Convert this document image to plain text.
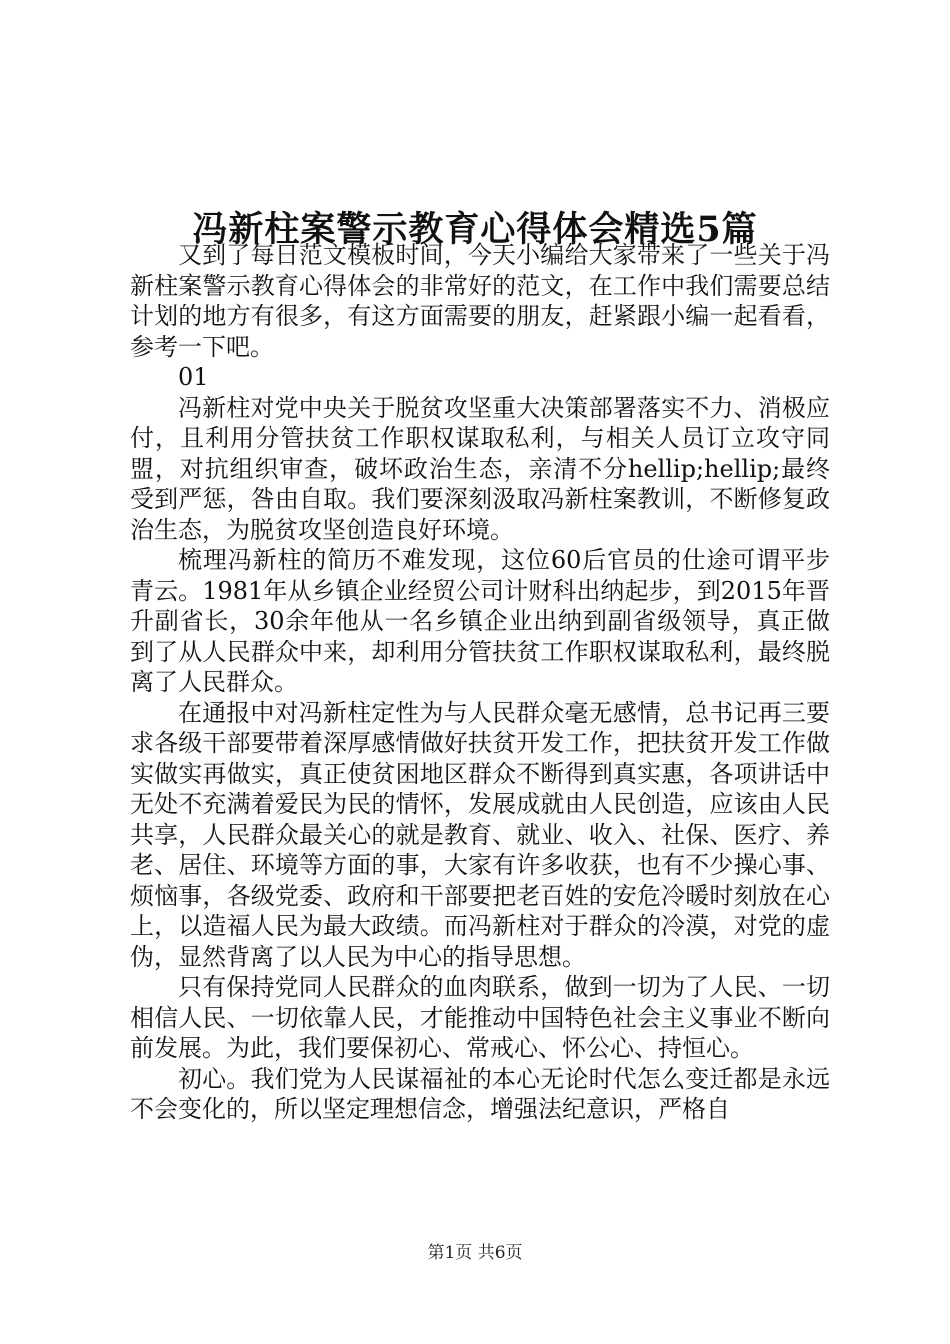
冯新柱案警示教育心得体会精选5篇

又到了每日范文模板时间，今天小编给大家带来了一些关于冯新柱案警示教育心得体会的非常好的范文，在工作中我们需要总结计划的地方有很多，有这方面需要的朋友，赶紧跟小编一起看看，参考一下吧。

01

冯新柱对党中央关于脱贫攻坚重大决策部署落实不力、消极应付，且利用分管扶贫工作职权谋取私利，与相关人员订立攻守同盟，对抗组织审查，破坏政治生态，亲清不分hellip;hellip;最终受到严惩，咎由自取。我们要深刻汲取冯新柱案教训，不断修复政治生态，为脱贫攻坚创造良好环境。

梳理冯新柱的简历不难发现，这位60后官员的仕途可谓平步青云。1981年从乡镇企业经贸公司计财科出纳起步，到2015年晋升副省长，30余年他从一名乡镇企业出纳到副省级领导，真正做到了从人民群众中来，却利用分管扶贫工作职权谋取私利，最终脱离了人民群众。

在通报中对冯新柱定性为与人民群众毫无感情，总书记再三要求各级干部要带着深厚感情做好扶贫开发工作，把扶贫开发工作做实做实再做实，真正使贫困地区群众不断得到真实惠，各项讲话中无处不充满着爱民为民的情怀，发展成就由人民创造，应该由人民共享，人民群众最关心的就是教育、就业、收入、社保、医疗、养老、居住、环境等方面的事，大家有许多收获，也有不少操心事、烦恼事，各级党委、政府和干部要把老百姓的安危冷暖时刻放在心上，以造福人民为最大政绩。而冯新柱对于群众的冷漠，对党的虚伪，显然背离了以人民为中心的指导思想。

只有保持党同人民群众的血肉联系，做到一切为了人民、一切相信人民、一切依靠人民，才能推动中国特色社会主义事业不断向前发展。为此，我们要保初心、常戒心、怀公心、持恒心。

初心。我们党为人民谋福祉的本心无论时代怎么变迁都是永远不会变化的，所以坚定理想信念，增强法纪意识，严格自

第1页 共6页
